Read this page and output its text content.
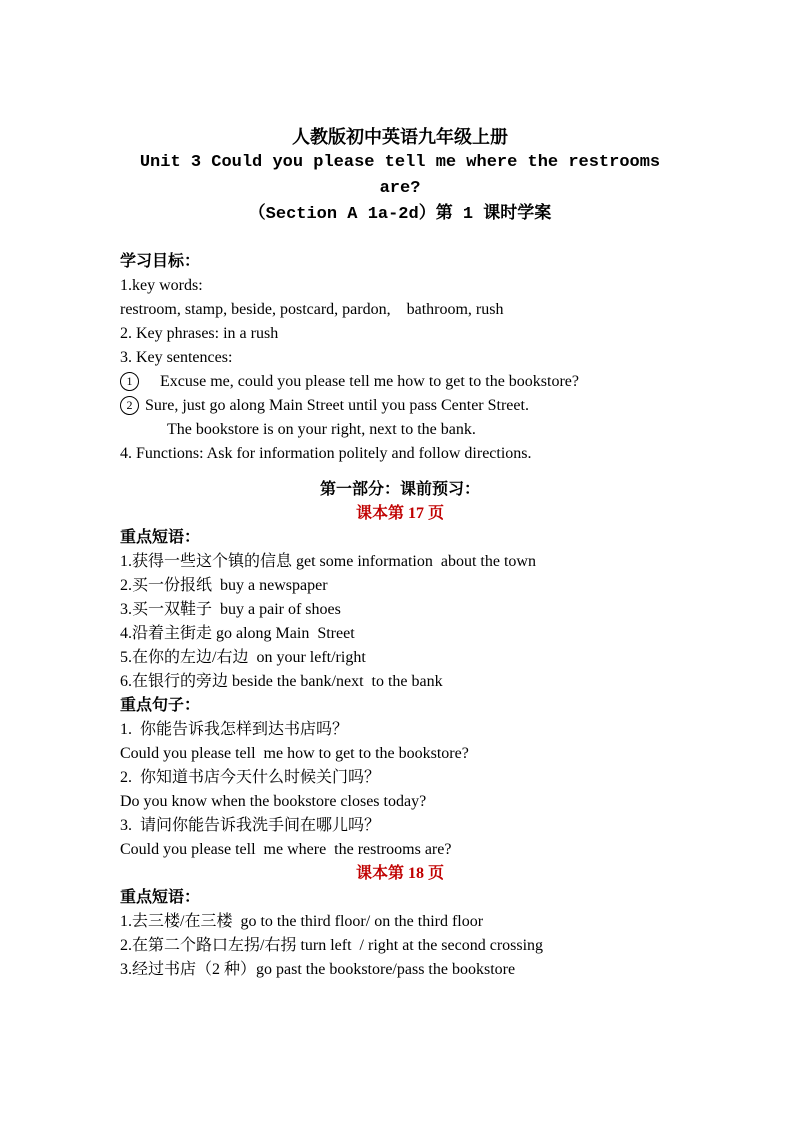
人教版初中英语九年级上册
Unit 3 Could you please tell me where the restrooms are?
（Section A 1a-2d）第 1 课时学案
学习目标：
1.key words:
restroom, stamp, beside, postcard, pardon,    bathroom, rush
2. Key phrases: in a rush
3. Key sentences:
1 Excuse me, could you please tell me how to get to the bookstore?
2 Sure, just go along Main Street until you pass Center Street.
The bookstore is on your right, next to the bank.
4. Functions: Ask for information politely and follow directions.
第一部分：课前预习：
课本第 17 页
重点短语：
1.获得一些这个镇的信息 get some information  about the town
2.买一份报纸  buy a newspaper
3.买一双鞋子  buy a pair of shoes
4.沿着主街走 go along Main  Street
5.在你的左边/右边  on your left/right
6.在银行的旁边 beside the bank/next  to the bank
重点句子：
1.  你能告诉我怎样到达书店吗？
Could you please tell  me how to get to the bookstore?
2.  你知道书店今天什么时候关门吗？
Do you know when the bookstore closes today?
3.  请问你能告诉我洗手间在哪儿吗？
Could you please tell  me where  the restrooms are?
课本第 18 页
重点短语：
1.去三楼/在三楼  go to the third floor/ on the third floor
2.在第二个路口左拐/右拐 turn left  / right at the second crossing
3.经过书店（2 种）go past the bookstore/pass the bookstore
